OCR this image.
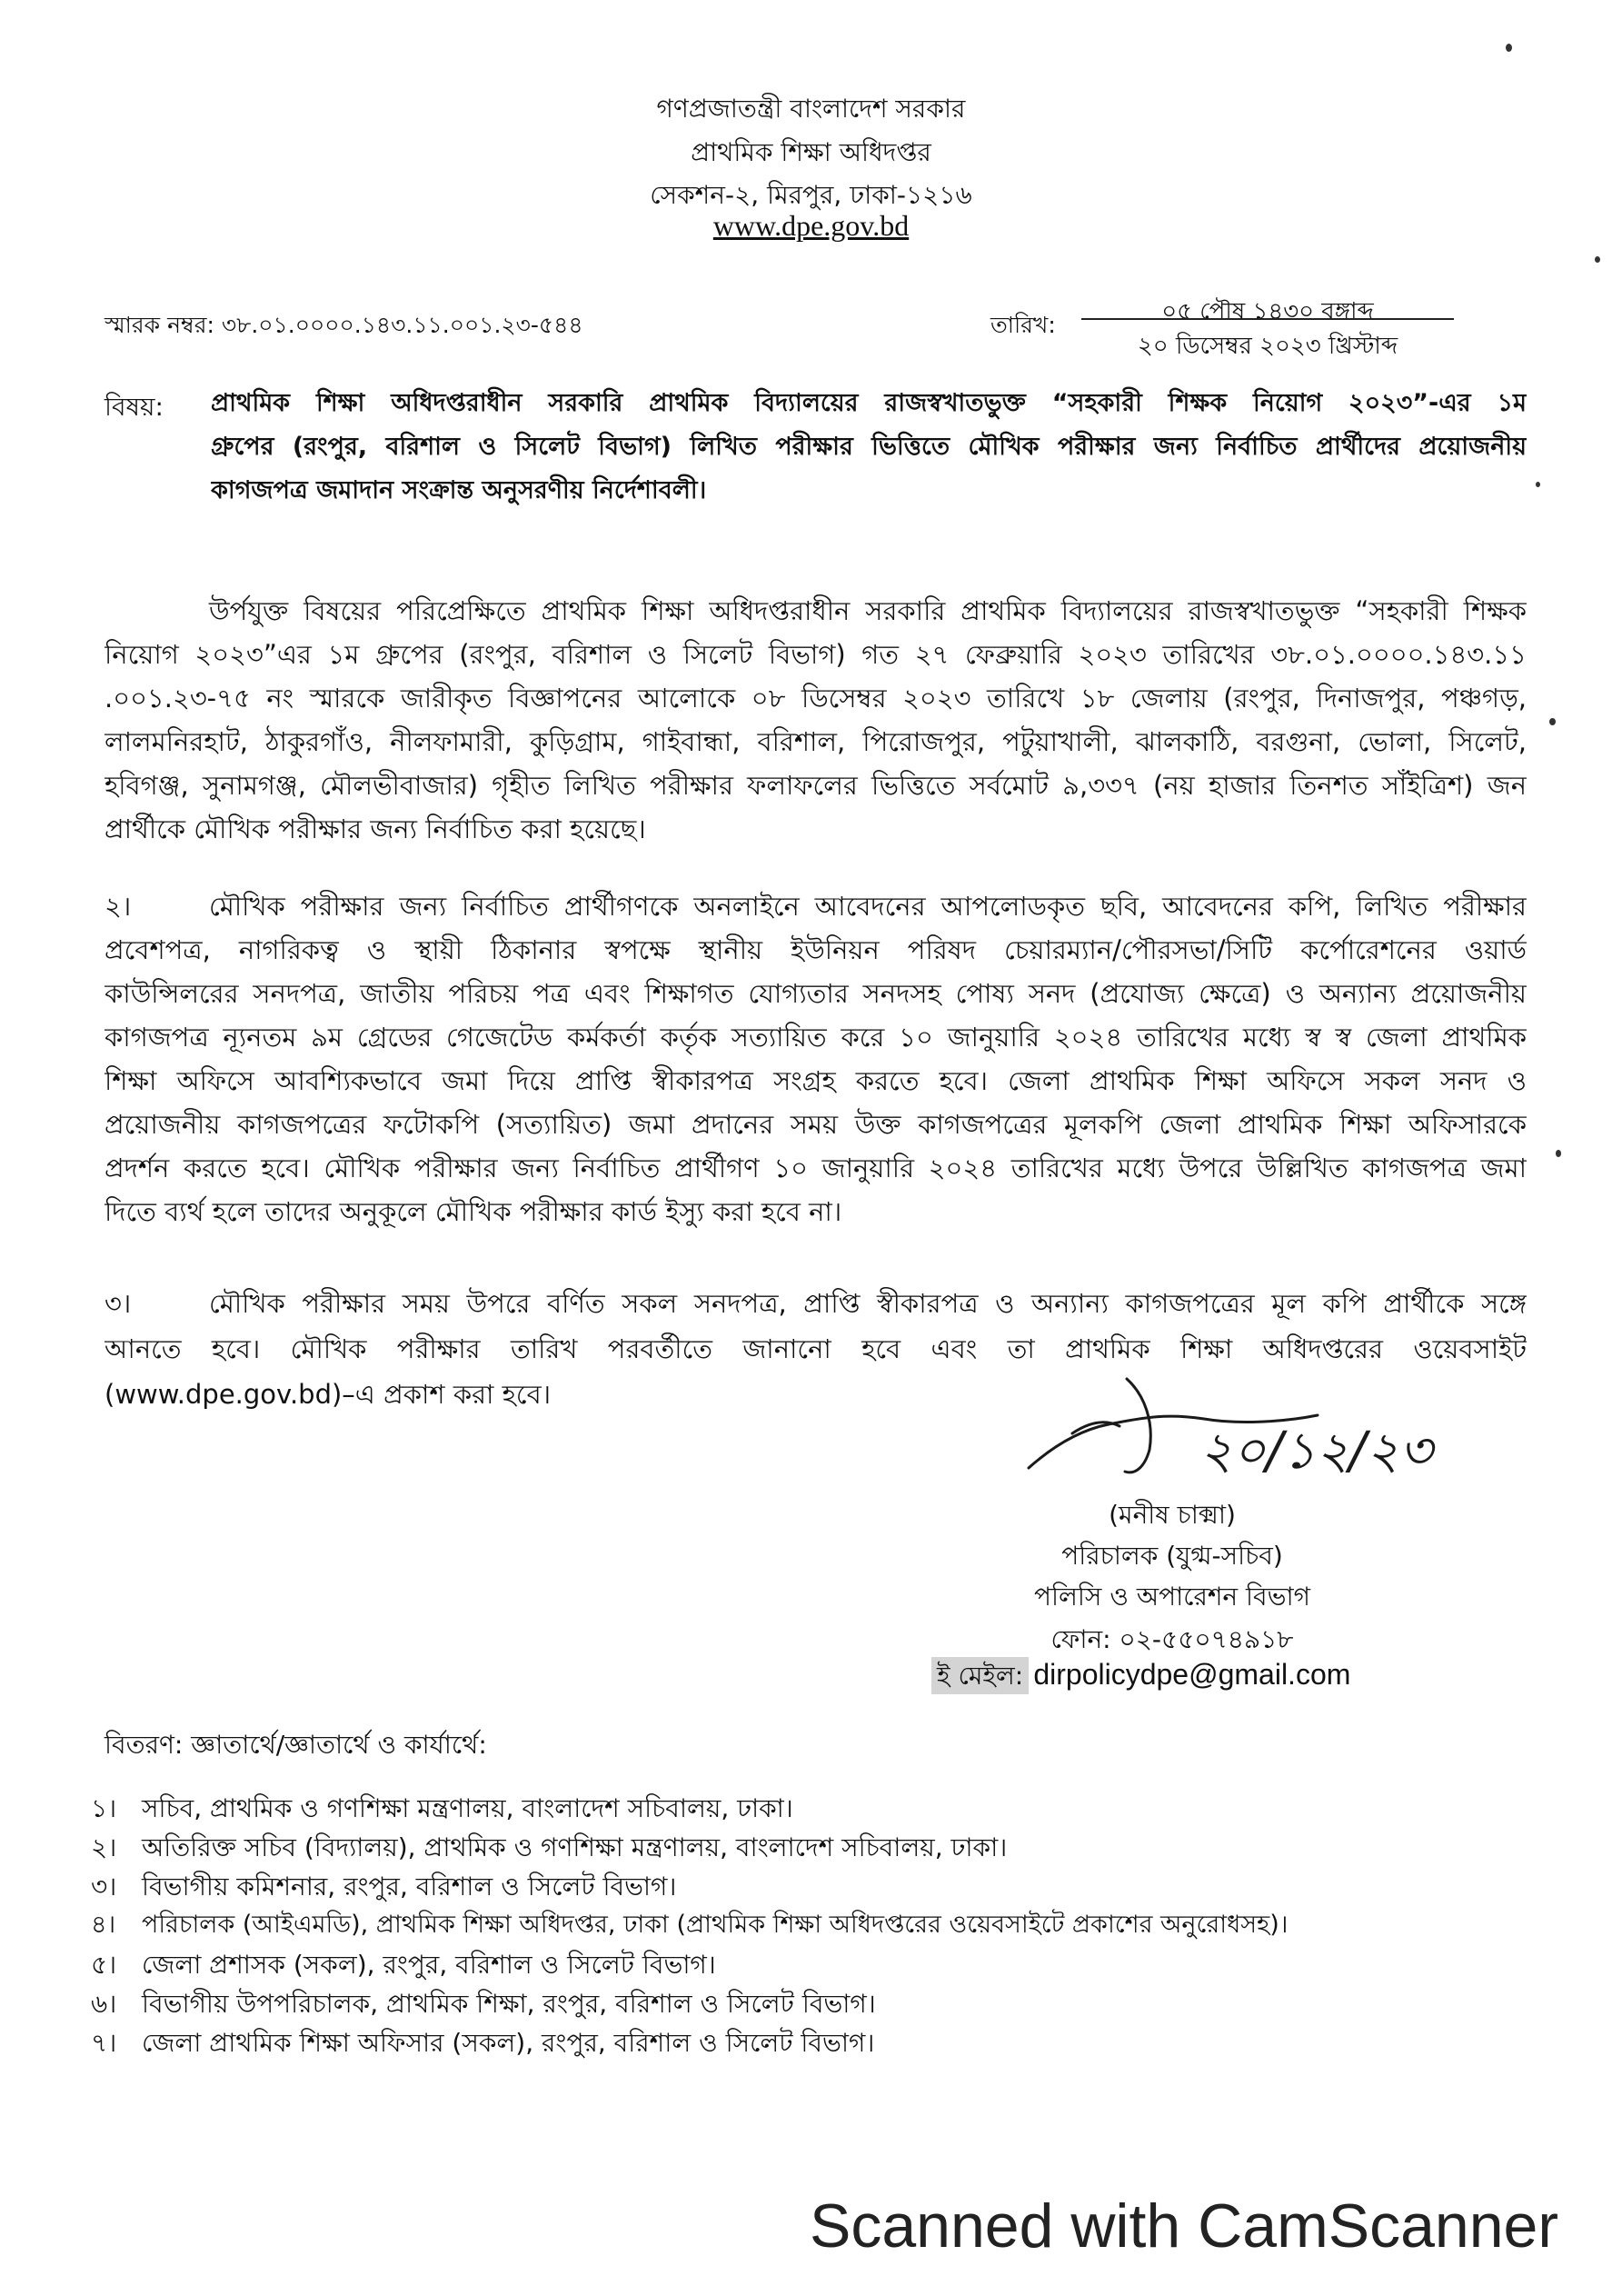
গণপ্রজাতন্ত্রী বাংলাদেশ সরকার
প্রাথমিক শিক্ষা অধিদপ্তর
সেকশন-২, মিরপুর, ঢাকা-১২১৬
www.dpe.gov.bd
স্মারক নম্বর: ৩৮.০১.০০০০.১৪৩.১১.০০১.২৩-৫৪৪	তারিখ:	০৫ পৌষ ১৪৩০ বঙ্গাব্দ
২০ ডিসেম্বর ২০২৩ খ্রিস্টাব্দ
বিষয়: প্রাথমিক শিক্ষা অধিদপ্তরাধীন সরকারি প্রাথমিক বিদ্যালয়ের রাজস্বখাতভুক্ত “সহকারী শিক্ষক নিয়োগ ২০২৩”-এর ১ম
গ্রুপের (রংপুর, বরিশাল ও সিলেট বিভাগ) লিখিত পরীক্ষার ভিত্তিতে মৌখিক পরীক্ষার জন্য নির্বাচিত প্রার্থীদের প্রয়োজনীয়
কাগজপত্র জমাদান সংক্রান্ত অনুসরণীয় নির্দেশাবলী।
উর্পযুক্ত বিষয়ের পরিপ্রেক্ষিতে প্রাথমিক শিক্ষা অধিদপ্তরাধীন সরকারি প্রাথমিক বিদ্যালয়ের রাজস্বখাতভুক্ত “সহকারী শিক্ষক
নিয়োগ ২০২৩”এর ১ম গ্রুপের (রংপুর, বরিশাল ও সিলেট বিভাগ) গত ২৭ ফেব্রুয়ারি ২০২৩ তারিখের ৩৮.০১.০০০০.১৪৩.১১
.০০১.২৩-৭৫ নং স্মারকে জারীকৃত বিজ্ঞাপনের আলোকে ০৮ ডিসেম্বর ২০২৩ তারিখে ১৮ জেলায় (রংপুর, দিনাজপুর, পঞ্চগড়,
লালমনিরহাট, ঠাকুরগাঁও, নীলফামারী, কুড়িগ্রাম, গাইবান্ধা, বরিশাল, পিরোজপুর, পটুয়াখালী, ঝালকাঠি, বরগুনা, ভোলা, সিলেট,
হবিগঞ্জ, সুনামগঞ্জ, মৌলভীবাজার) গৃহীত লিখিত পরীক্ষার ফলাফলের ভিত্তিতে সর্বমোট ৯,৩৩৭ (নয় হাজার তিনশত সাঁইত্রিশ) জন
প্রার্থীকে মৌখিক পরীক্ষার জন্য নির্বাচিত করা হয়েছে।
২।	মৌখিক পরীক্ষার জন্য নির্বাচিত প্রার্থীগণকে অনলাইনে আবেদনের আপলোডকৃত ছবি, আবেদনের কপি, লিখিত পরীক্ষার
প্রবেশপত্র, নাগরিকত্ব ও স্থায়ী ঠিকানার স্বপক্ষে স্থানীয় ইউনিয়ন পরিষদ চেয়ারম্যান/পৌরসভা/সিটি কর্পোরেশনের ওয়ার্ড
কাউন্সিলরের সনদপত্র, জাতীয় পরিচয় পত্র এবং শিক্ষাগত যোগ্যতার সনদসহ পোষ্য সনদ (প্রযোজ্য ক্ষেত্রে) ও অন্যান্য প্রয়োজনীয়
কাগজপত্র ন্যূনতম ৯ম গ্রেডের গেজেটেড কর্মকর্তা কর্তৃক সত্যায়িত করে ১০ জানুয়ারি ২০২৪ তারিখের মধ্যে স্ব স্ব জেলা প্রাথমিক
শিক্ষা অফিসে আবশ্যিকভাবে জমা দিয়ে প্রাপ্তি স্বীকারপত্র সংগ্রহ করতে হবে। জেলা প্রাথমিক শিক্ষা অফিসে সকল সনদ ও
প্রয়োজনীয় কাগজপত্রের ফটোকপি (সত্যায়িত) জমা প্রদানের সময় উক্ত কাগজপত্রের মূলকপি জেলা প্রাথমিক শিক্ষা অফিসারকে
প্রদর্শন করতে হবে। মৌখিক পরীক্ষার জন্য নির্বাচিত প্রার্থীগণ ১০ জানুয়ারি ২০২৪ তারিখের মধ্যে উপরে উল্লিখিত কাগজপত্র জমা
দিতে ব্যর্থ হলে তাদের অনুকূলে মৌখিক পরীক্ষার কার্ড ইস্যু করা হবে না।
৩।	মৌখিক পরীক্ষার সময় উপরে বর্ণিত সকল সনদপত্র, প্রাপ্তি স্বীকারপত্র ও অন্যান্য কাগজপত্রের মূল কপি প্রার্থীকে সঙ্গে
আনতে হবে। মৌখিক পরীক্ষার তারিখ পরবর্তীতে জানানো হবে এবং তা প্রাথমিক শিক্ষা অধিদপ্তরের ওয়েবসাইট
(www.dpe.gov.bd)–এ প্রকাশ করা হবে।
২০/১২/২৩
(মনীষ চাক্মা)
পরিচালক (যুগ্ম-সচিব)
পলিসি ও অপারেশন বিভাগ
ফোন: ০২-৫৫০৭৪৯১৮
ই মেইল: dirpolicydpe@gmail.com
বিতরণ: জ্ঞাতার্থে/জ্ঞাতার্থে ও কার্যার্থে:
১। সচিব, প্রাথমিক ও গণশিক্ষা মন্ত্রণালয়, বাংলাদেশ সচিবালয়, ঢাকা।
২। অতিরিক্ত সচিব (বিদ্যালয়), প্রাথমিক ও গণশিক্ষা মন্ত্রণালয়, বাংলাদেশ সচিবালয়, ঢাকা।
৩। বিভাগীয় কমিশনার, রংপুর, বরিশাল ও সিলেট বিভাগ।
৪। পরিচালক (আইএমডি), প্রাথমিক শিক্ষা অধিদপ্তর, ঢাকা (প্রাথমিক শিক্ষা অধিদপ্তরের ওয়েবসাইটে প্রকাশের অনুরোধসহ)।
৫। জেলা প্রশাসক (সকল), রংপুর, বরিশাল ও সিলেট বিভাগ।
৬। বিভাগীয় উপপরিচালক, প্রাথমিক শিক্ষা, রংপুর, বরিশাল ও সিলেট বিভাগ।
৭। জেলা প্রাথমিক শিক্ষা অফিসার (সকল), রংপুর, বরিশাল ও সিলেট বিভাগ।
Scanned with CamScanner
